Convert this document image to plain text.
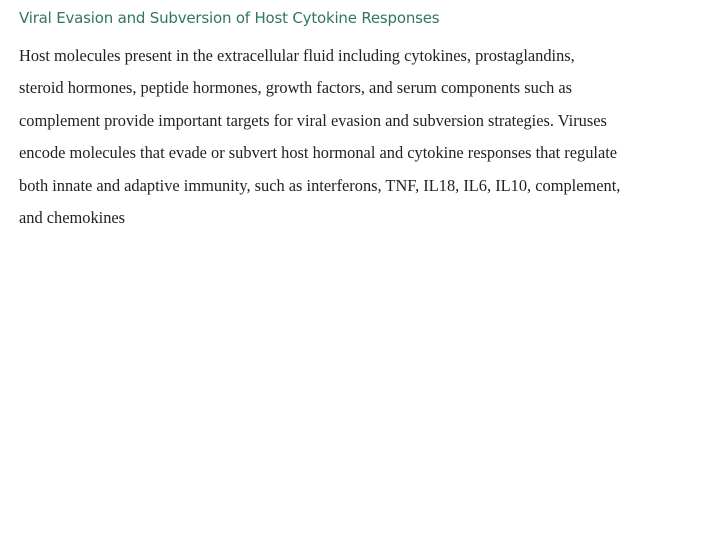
Viral Evasion and Subversion of Host Cytokine Responses

Host molecules present in the extracellular fluid including cytokines, prostaglandins,
steroid hormones, peptide hormones, growth factors, and serum components such as
complement provide important targets for viral evasion and subversion strategies. Viruses
encode molecules that evade or subvert host hormonal and cytokine responses that regulate
both innate and adaptive immunity, such as interferons, TNF, IL18, IL6, IL10, complement,
and chemokines
